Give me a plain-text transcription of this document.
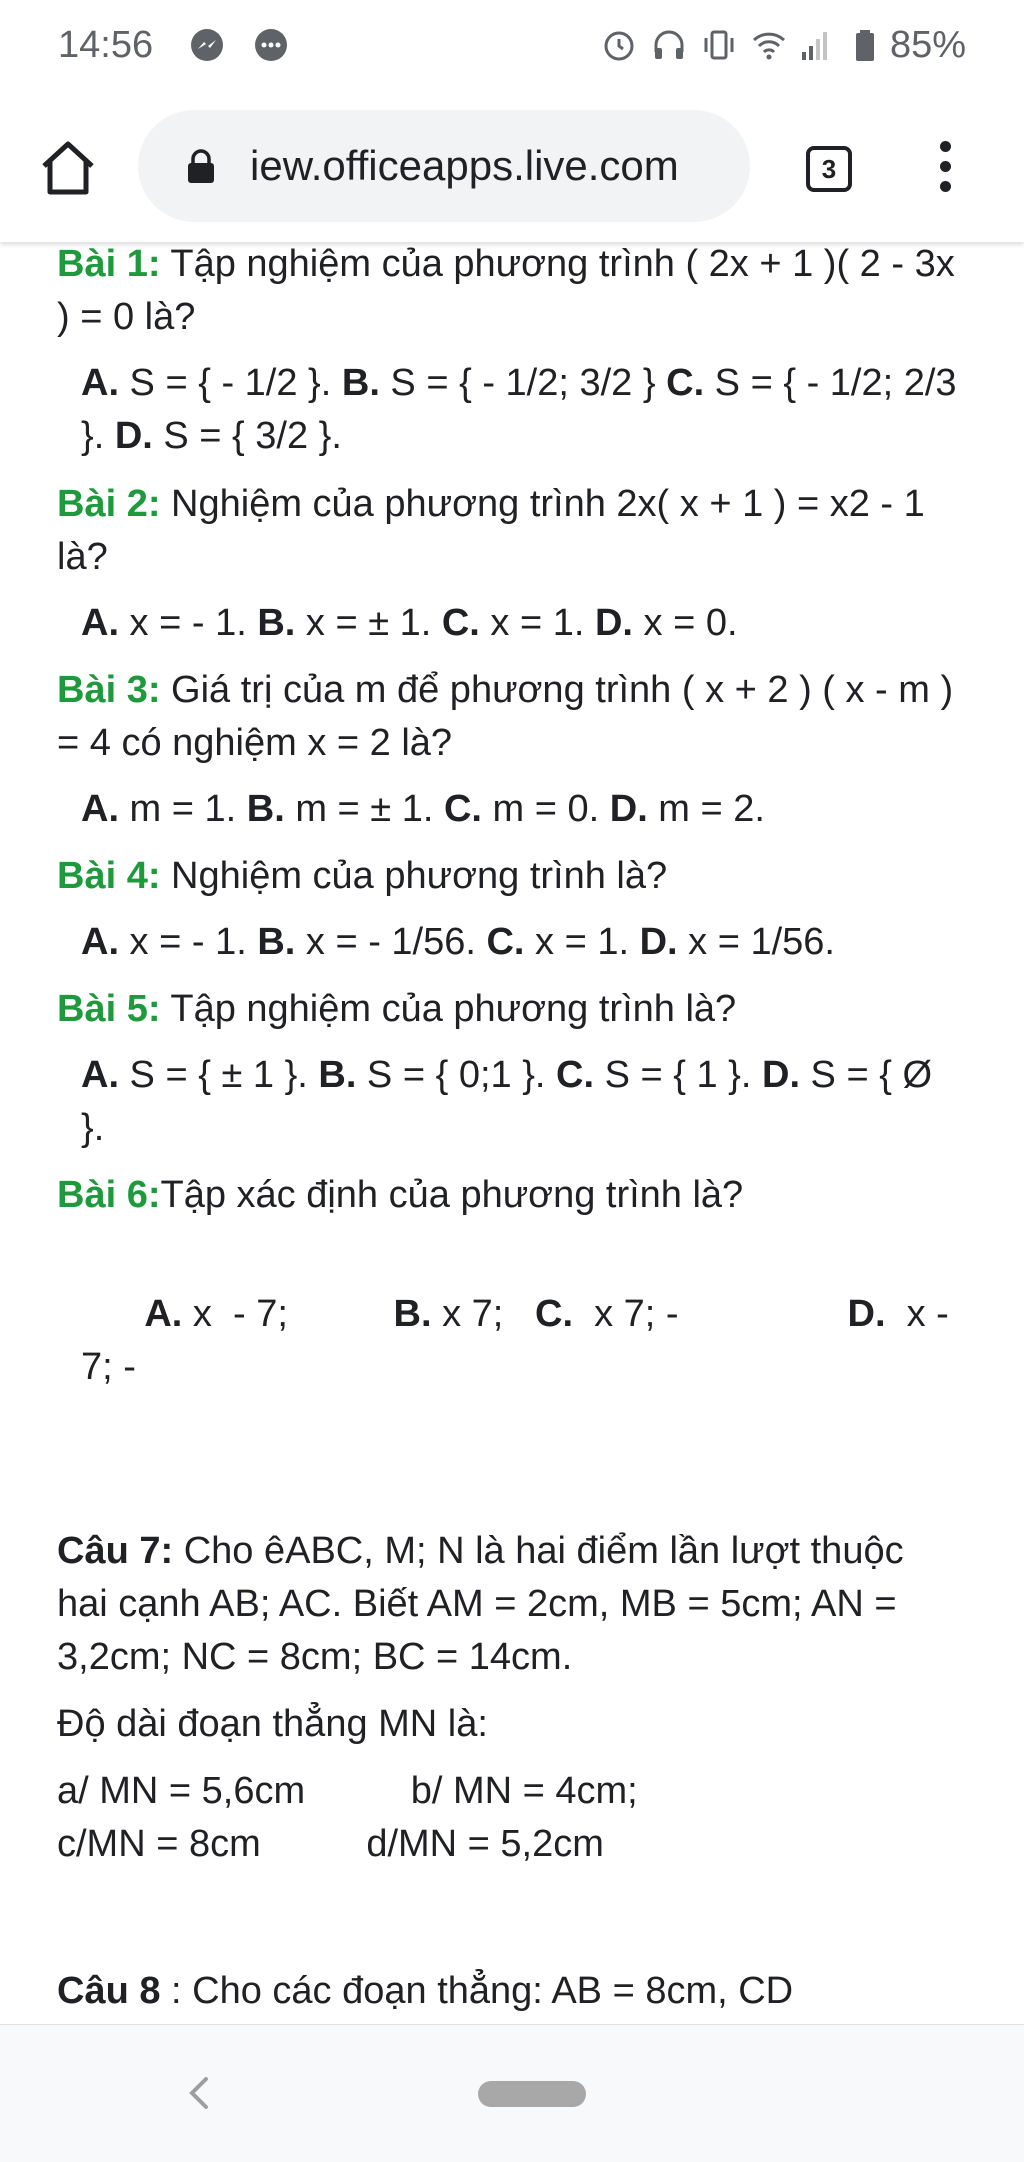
14:56	85%
iew.officeapps.live.com	3
Bài 1: Tập nghiệm của phương trình ( 2x + 1 )( 2 - 3x ) = 0 là?
A. S = { - 1/2 }. B. S = { - 1/2; 3/2 } C. S = { - 1/2; 2/3 }. D. S = { 3/2 }.
Bài 2: Nghiệm của phương trình 2x( x + 1 ) = x2 - 1 là?
A. x = - 1. B. x = ± 1. C. x = 1. D. x = 0.
Bài 3: Giá trị của m để phương trình ( x + 2 ) ( x - m ) = 4 có nghiệm x = 2 là?
A. m = 1. B. m = ± 1. C. m = 0. D. m = 2.
Bài 4: Nghiệm của phương trình là?
A. x = - 1. B. x = - 1/56. C. x = 1. D. x = 1/56.
Bài 5: Tập nghiệm của phương trình là?
A. S = { ± 1 }. B. S = { 0;1 }. C. S = { 1 }. D. S = { Ø }.
Bài 6:Tập xác định của phương trình là?

A. x  - 7;          B. x 7;   C.  x 7; -                D.  x - 7; -

Câu 7: Cho êABC, M; N là hai điểm lần lượt thuộc hai cạnh AB; AC. Biết AM = 2cm, MB = 5cm; AN = 3,2cm; NC = 8cm; BC = 14cm.
Độ dài đoạn thẳng MN là:
a/ MN = 5,6cm          b/ MN = 4cm;
c/MN = 8cm          d/MN = 5,2cm
Câu 8 : Cho các đoạn thẳng: AB = 8cm, CD
